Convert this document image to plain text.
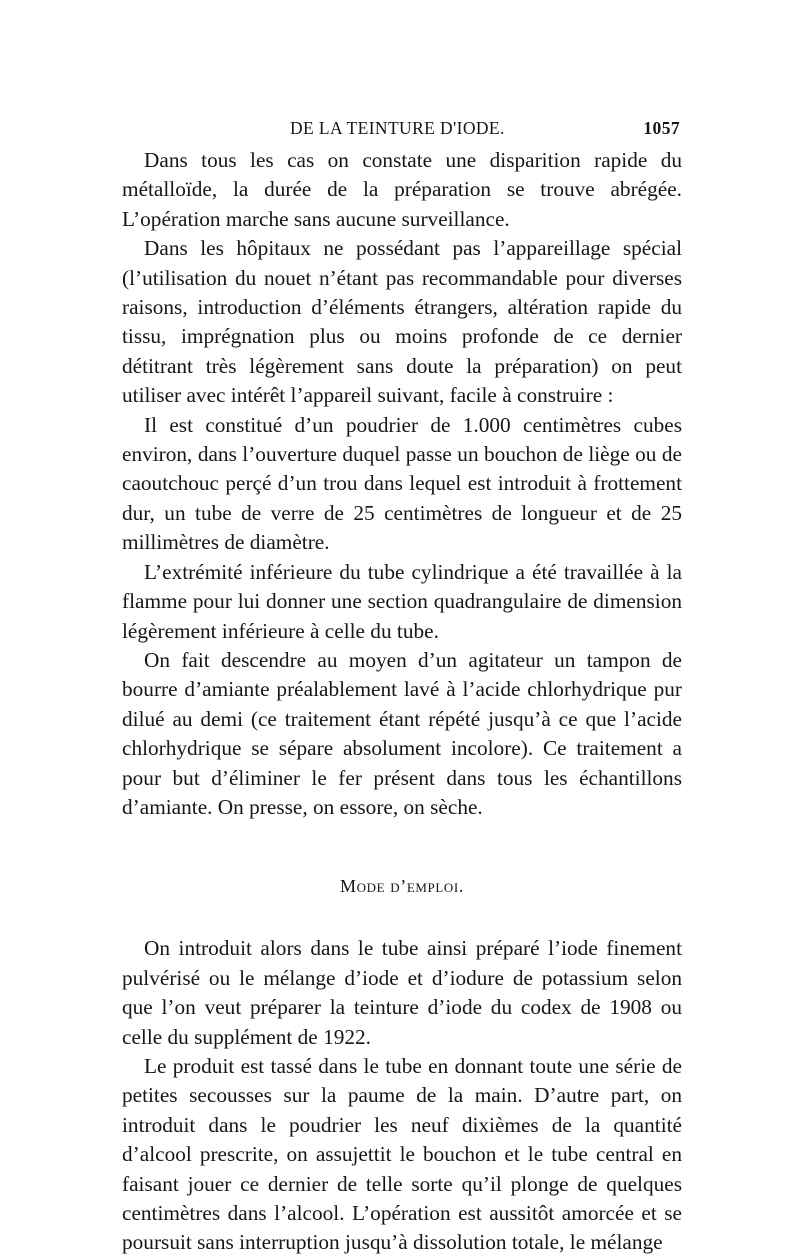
DE LA TEINTURE D'IODE.	1057

Dans tous les cas on constate une disparition rapide du métalloïde, la durée de la préparation se trouve abrégée. L’opération marche sans aucune surveillance.

Dans les hôpitaux ne possédant pas l’appareillage spécial (l’utilisation du nouet n’étant pas recommandable pour diverses raisons, introduction d’éléments étrangers, altération rapide du tissu, imprégnation plus ou moins profonde de ce dernier détitrant très légèrement sans doute la préparation) on peut utiliser avec intérêt l’appareil suivant, facile à construire :

Il est constitué d’un poudrier de 1.000 centimètres cubes environ, dans l’ouverture duquel passe un bouchon de liège ou de caoutchouc perçé d’un trou dans lequel est introduit à frottement dur, un tube de verre de 25 centimètres de longueur et de 25 millimètres de diamètre.

L’extrémité inférieure du tube cylindrique a été travaillée à la flamme pour lui donner une section quadrangulaire de dimension légèrement inférieure à celle du tube.

On fait descendre au moyen d’un agitateur un tampon de bourre d’amiante préalablement lavé à l’acide chlorhydrique pur dilué au demi (ce traitement étant répété jusqu’à ce que l’acide chlorhydrique se sépare absolument incolore). Ce traitement a pour but d’éliminer le fer présent dans tous les échantillons d’amiante. On presse, on essore, on sèche.

Mode d’emploi.

On introduit alors dans le tube ainsi préparé l’iode finement pulvérisé ou le mélange d’iode et d’iodure de potassium selon que l’on veut préparer la teinture d’iode du codex de 1908 ou celle du supplément de 1922.

Le produit est tassé dans le tube en donnant toute une série de petites secousses sur la paume de la main. D’autre part, on introduit dans le poudrier les neuf dixièmes de la quantité d’alcool prescrite, on assujettit le bouchon et le tube central en faisant jouer ce dernier de telle sorte qu’il plonge de quelques centimètres dans l’alcool. L’opération est aussitôt amorcée et se poursuit sans interruption jusqu’à dissolution totale, le mélange
